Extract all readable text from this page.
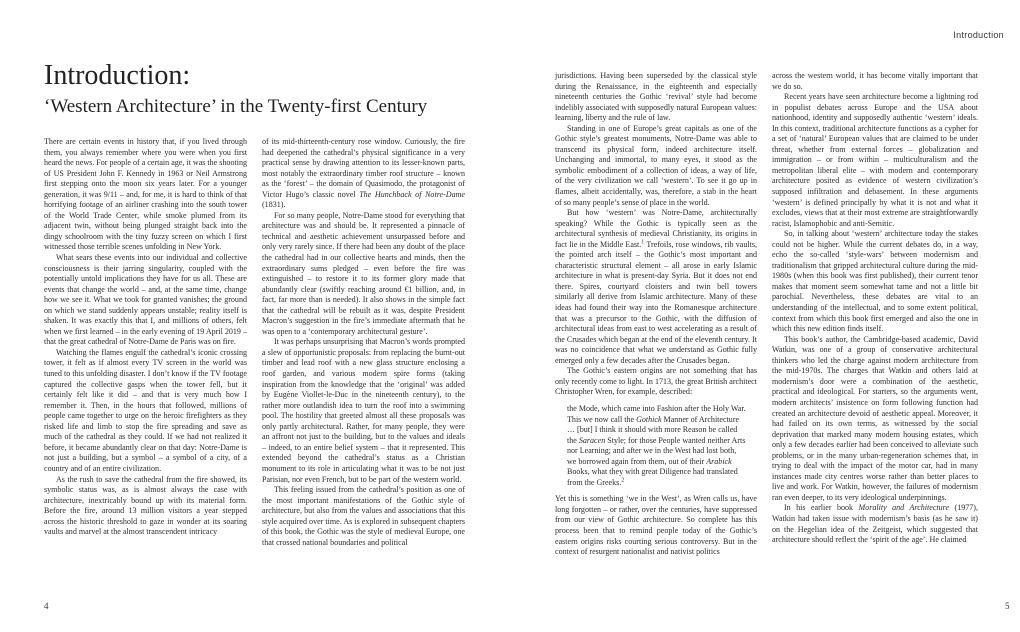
Introduction:
‘Western Architecture’ in the Twenty-first Century

There are certain events in history that, if you lived through them, you always remember where you were when you first heard the news. For people of a certain age, it was the shooting of US President John F. Kennedy in 1963 or Neil Armstrong first stepping onto the moon six years later. For a younger generation, it was 9/11 – and, for me, it is hard to think of that horrifying footage of an airliner crashing into the south tower of the World Trade Center, while smoke plumed from its adjacent twin, without being plunged straight back into the dingy schoolroom with the tiny fuzzy screen on which I first witnessed those terrible scenes unfolding in New York.

What sears these events into our individual and collective consciousness is their jarring singularity, coupled with the potentially untold implications they have for us all. These are events that change the world – and, at the same time, change how we see it. What we took for granted vanishes; the ground on which we stand suddenly appears unstable; reality itself is shaken. It was exactly this that I, and millions of others, felt when we first learned – in the early evening of 19 April 2019 – that the great cathedral of Notre-Dame de Paris was on fire.

Watching the flames engulf the cathedral’s iconic crossing tower, it felt as if almost every TV screen in the world was tuned to this unfolding disaster. I don’t know if the TV footage captured the collective gasps when the tower fell, but it certainly felt like it did – and that is very much how I remember it. Then, in the hours that followed, millions of people came together to urge on the heroic firefighters as they risked life and limb to stop the fire spreading and save as much of the cathedral as they could. If we had not realized it before, it became abundantly clear on that day: Notre-Dame is not just a building, but a symbol – a symbol of a city, of a country and of an entire civilization.

As the rush to save the cathedral from the fire showed, its symbolic status was, as is almost always the case with architecture, inextricably bound up with its material form. Before the fire, around 13 million visitors a year stepped across the historic threshold to gaze in wonder at its soaring vaults and marvel at the almost transcendent intricacy

of its mid-thirteenth-century rose window. Curiously, the fire had deepened the cathedral’s physical significance in a very practical sense by drawing attention to its lesser-known parts, most notably the extraordinary timber roof structure – known as the ‘forest’ – the domain of Quasimodo, the protagonist of Victor Hugo’s classic novel The Hunchback of Notre-Dame (1831).

For so many people, Notre-Dame stood for everything that architecture was and should be. It represented a pinnacle of technical and aesthetic achievement unsurpassed before and only very rarely since. If there had been any doubt of the place the cathedral had in our collective hearts and minds, then the extraordinary sums pledged – even before the fire was extinguished – to restore it to its former glory made that abundantly clear (swiftly reaching around €1 billion, and, in fact, far more than is needed). It also shows in the simple fact that the cathedral will be rebuilt as it was, despite President Macron’s suggestion in the fire’s immediate aftermath that he was open to a ‘contemporary architectural gesture’.

It was perhaps unsurprising that Macron’s words prompted a slew of opportunistic proposals: from replacing the burnt-out timber and lead roof with a new glass structure enclosing a roof garden, and various modern spire forms (taking inspiration from the knowledge that the ‘original’ was added by Eugène Viollet-le-Duc in the nineteenth century), to the rather more outlandish idea to turn the roof into a swimming pool. The hostility that greeted almost all these proposals was only partly architectural. Rather, for many people, they were an affront not just to the building, but to the values and ideals – indeed, to an entire belief system – that it represented. This extended beyond the cathedral’s status as a Christian monument to its role in articulating what it was to be not just Parisian, nor even French, but to be part of the western world.

This feeling issued from the cathedral’s position as one of the most important manifestations of the Gothic style of architecture, but also from the values and associations that this style acquired over time. As is explored in subsequent chapters of this book, the Gothic was the style of medieval Europe, one that crossed national boundaries and political

4
Introduction

jurisdictions. Having been superseded by the classical style during the Renaissance, in the eighteenth and especially nineteenth centuries the Gothic ‘revival’ style had become indelibly associated with supposedly natural European values: learning, liberty and the rule of law.

Standing in one of Europe’s great capitals as one of the Gothic style’s greatest monuments, Notre-Dame was able to transcend its physical form, indeed architecture itself. Unchanging and immortal, to many eyes, it stood as the symbolic embodiment of a collection of ideas, a way of life, of the very civilization we call ‘western’. To see it go up in flames, albeit accidentally, was, therefore, a stab in the heart of so many people’s sense of place in the world.

But how ‘western’ was Notre-Dame, architecturally speaking? While the Gothic is typically seen as the architectural synthesis of medieval Christianity, its origins in fact lie in the Middle East.$^1$ Trefoils, rose windows, rib vaults, the pointed arch itself – the Gothic’s most important and characteristic structural element – all arose in early Islamic architecture in what is present-day Syria. But it does not end there. Spires, courtyard cloisters and twin bell towers similarly all derive from Islamic architecture. Many of these ideas had found their way into the Romanesque architecture that was a precursor to the Gothic, with the diffusion of architectural ideas from east to west accelerating as a result of the Crusades which began at the end of the eleventh century. It was no coincidence that what we understand as Gothic fully emerged only a few decades after the Crusades began.

The Gothic’s eastern origins are not something that has only recently come to light. In 1713, the great British architect Christopher Wren, for example, described:

the Mode, which came into Fashion after the Holy War. This we now call the Gothick Manner of Architecture … [but] I think it should with more Reason be called the Saracen Style; for those People wanted neither Arts nor Learning; and after we in the West had lost both, we borrowed again from them, out of their Arabick Books, what they with great Diligence had translated from the Greeks.$^2$

Yet this is something ‘we in the West’, as Wren calls us, have long forgotten – or rather, over the centuries, have suppressed from our view of Gothic architecture. So complete has this process been that to remind people today of the Gothic’s eastern origins risks courting serious controversy. But in the context of resurgent nationalist and nativist politics

across the western world, it has become vitally important that we do so.

Recent years have seen architecture become a lightning rod in populist debates across Europe and the USA about nationhood, identity and supposedly authentic ‘western’ ideals. In this context, traditional architecture functions as a cypher for a set of ‘natural’ European values that are claimed to be under threat, whether from external forces – globalization and immigration – or from within – multiculturalism and the metropolitan liberal elite – with modern and contemporary architecture posited as evidence of western civilization’s supposed infiltration and debasement. In these arguments ‘western’ is defined principally by what it is not and what it excludes, views that at their most extreme are straightforwardly racist, Islamophobic and anti-Semitic.

So, in talking about ‘western’ architecture today the stakes could not be higher. While the current debates do, in a way, echo the so-called ‘style-wars’ between modernism and traditionalism that gripped architectural culture during the mid-1980s (when this book was first published), their current tenor makes that moment seem somewhat tame and not a little bit parochial. Nevertheless, these debates are vital to an understanding of the intellectual, and to some extent political, context from which this book first emerged and also the one in which this new edition finds itself.

This book’s author, the Cambridge-based academic, David Watkin, was one of a group of conservative architectural thinkers who led the charge against modern architecture from the mid-1970s. The charges that Watkin and others laid at modernism’s door were a combination of the aesthetic, practical and ideological. For starters, so the arguments went, modern architects’ insistence on form following function had created an architecture devoid of aesthetic appeal. Moreover, it had failed on its own terms, as witnessed by the social deprivation that marked many modern housing estates, which only a few decades earlier had been conceived to alleviate such problems, or in the many urban-regeneration schemes that, in trying to deal with the impact of the motor car, had in many instances made city centres worse rather than better places to live and work. For Watkin, however, the failures of modernism ran even deeper, to its very ideological underpinnings.

In his earlier book Morality and Architecture (1977), Watkin had taken issue with modernism’s basis (as he saw it) on the Hegelian idea of the Zeitgeist, which suggested that architecture should reflect the ‘spirit of the age’. He claimed

5
